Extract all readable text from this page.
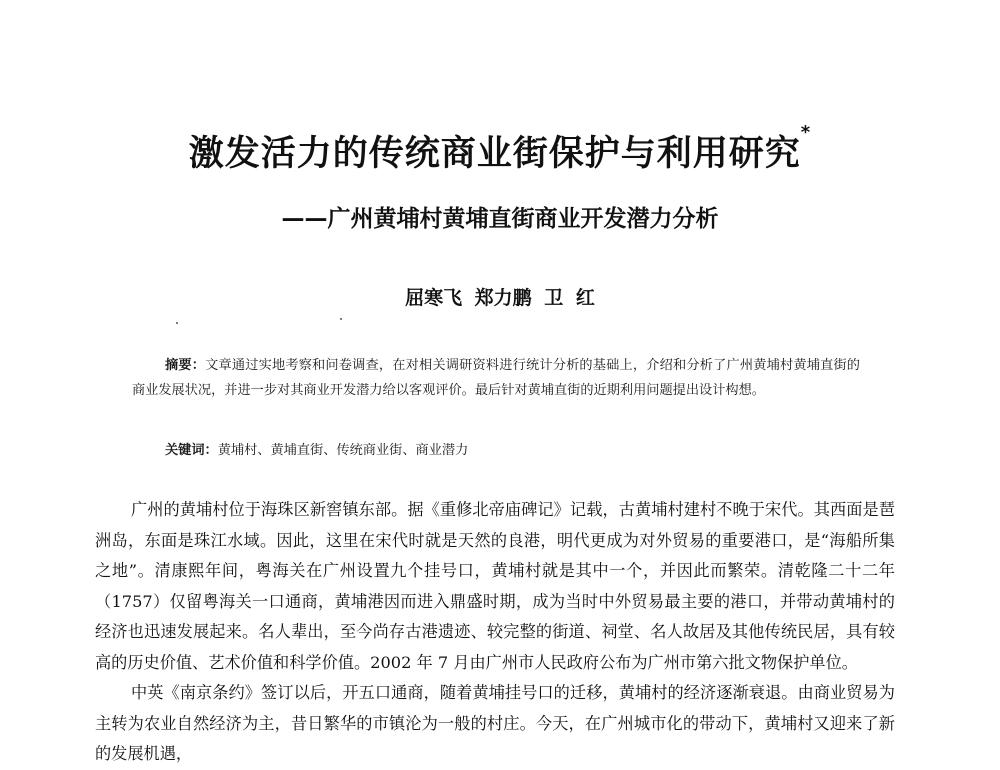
激发活力的传统商业街保护与利用研究*
——广州黄埔村黄埔直街商业开发潜力分析
屈寒飞 郑力鹏 卫 红
摘要：文章通过实地考察和问卷调查，在对相关调研资料进行统计分析的基础上，介绍和分析了广州黄埔村黄埔直街的商业发展状况，并进一步对其商业开发潜力给以客观评价。最后针对黄埔直街的近期利用问题提出设计构想。
关键词：黄埔村、黄埔直街、传统商业街、商业潜力

广州的黄埔村位于海珠区新窖镇东部。据《重修北帝庙碑记》记载，古黄埔村建村不晚于宋代。其西面是琶洲岛，东面是珠江水域。因此，这里在宋代时就是天然的良港，明代更成为对外贸易的重要港口，是“海船所集之地”。清康熙年间，粤海关在广州设置九个挂号口，黄埔村就是其中一个，并因此而繁荣。清乾隆二十二年（1757）仅留粤海关一口通商，黄埔港因而进入鼎盛时期，成为当时中外贸易最主要的港口，并带动黄埔村的经济也迅速发展起来。名人辈出，至今尚存古港遗迹、较完整的街道、祠堂、名人故居及其他传统民居，具有较高的历史价值、艺术价值和科学价值。2002 年 7 月由广州市人民政府公布为广州市第六批文物保护单位。

中英《南京条约》签订以后，开五口通商，随着黄埔挂号口的迁移，黄埔村的经济逐渐衰退。由商业贸易为主转为农业自然经济为主，昔日繁华的市镇沦为一般的村庄。今天，在广州城市化的带动下，黄埔村又迎来了新的发展机遇，
